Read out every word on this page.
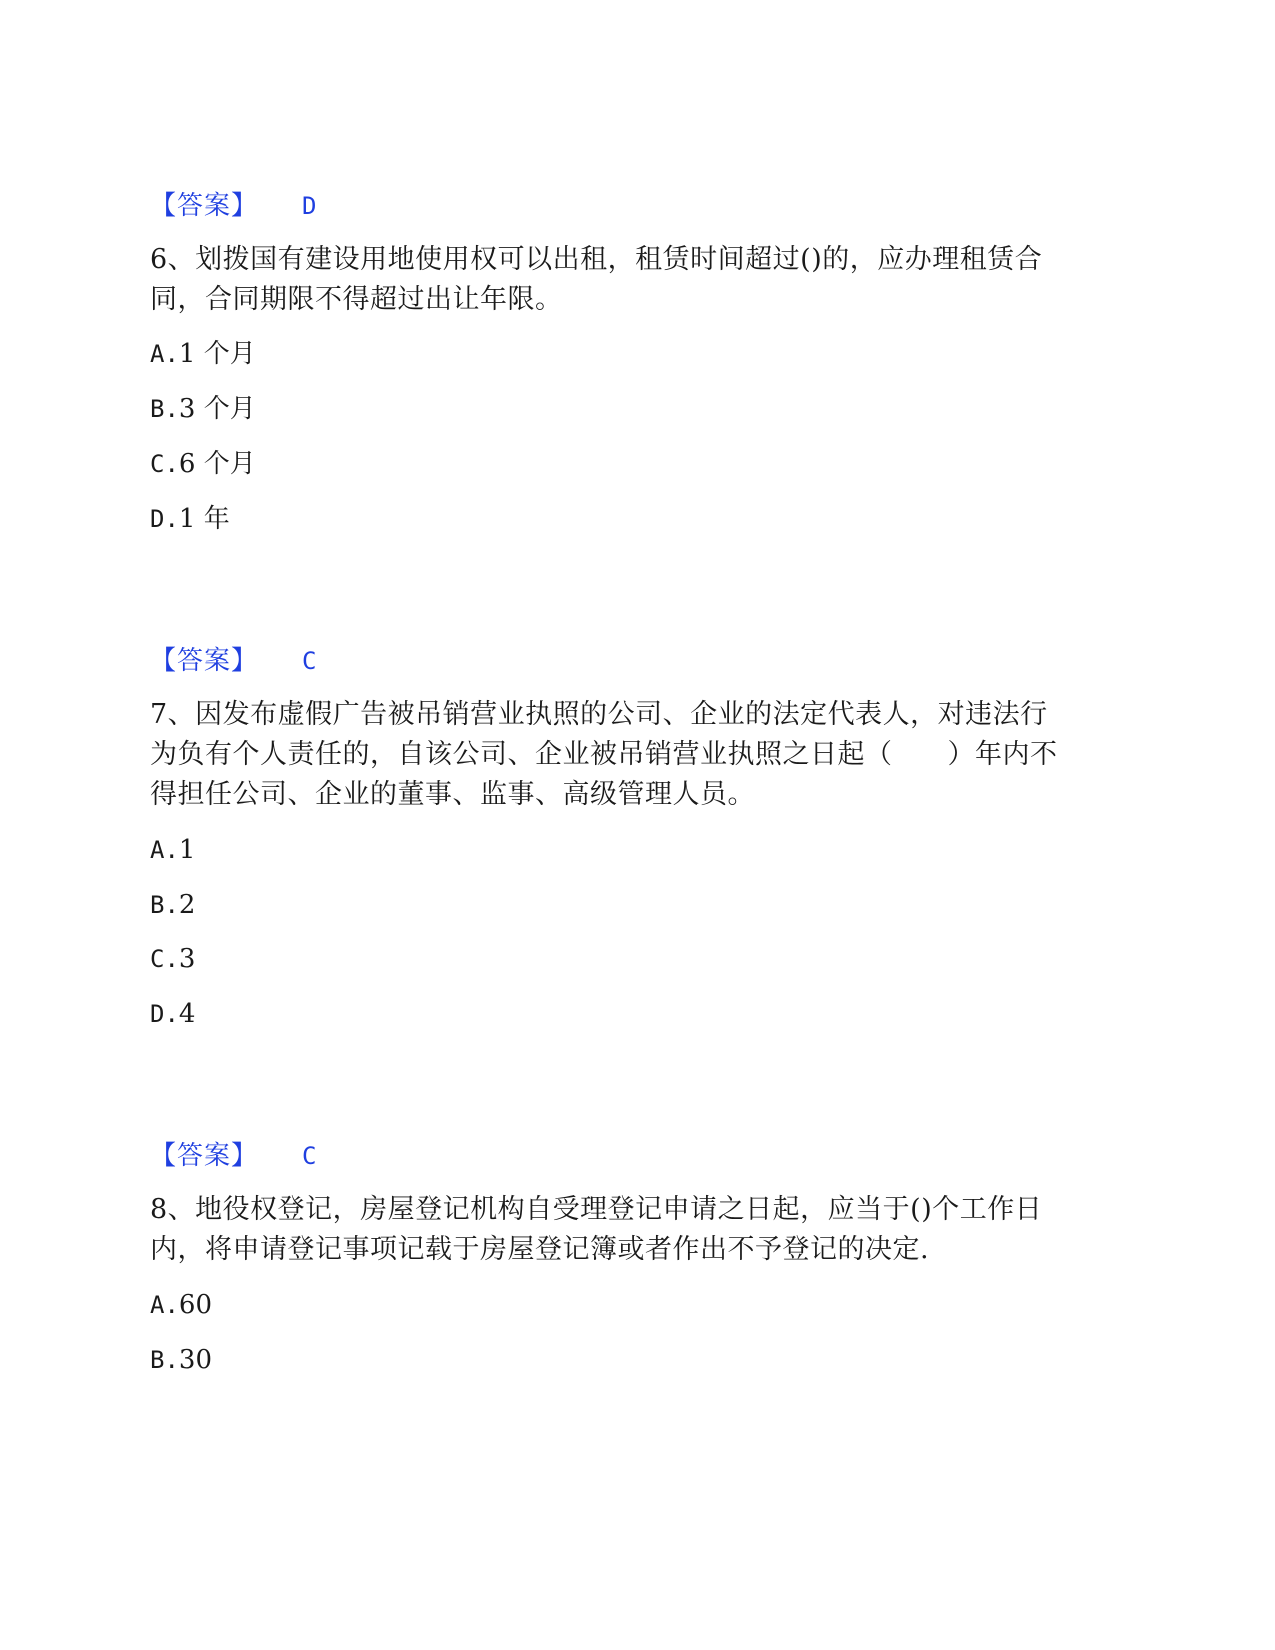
【答案】 D
6、划拨国有建设用地使用权可以出租，租赁时间超过()的，应办理租赁合
同，合同期限不得超过出让年限。
A.1 个月
B.3 个月
C.6 个月
D.1 年
【答案】 C
7、因发布虚假广告被吊销营业执照的公司、企业的法定代表人，对违法行
为负有个人责任的，自该公司、企业被吊销营业执照之日起（　　）年内不
得担任公司、企业的董事、监事、高级管理人员。
A.1
B.2
C.3
D.4
【答案】 C
8、地役权登记，房屋登记机构自受理登记申请之日起，应当于()个工作日
内，将申请登记事项记载于房屋登记簿或者作出不予登记的决定.
A.60
B.30
